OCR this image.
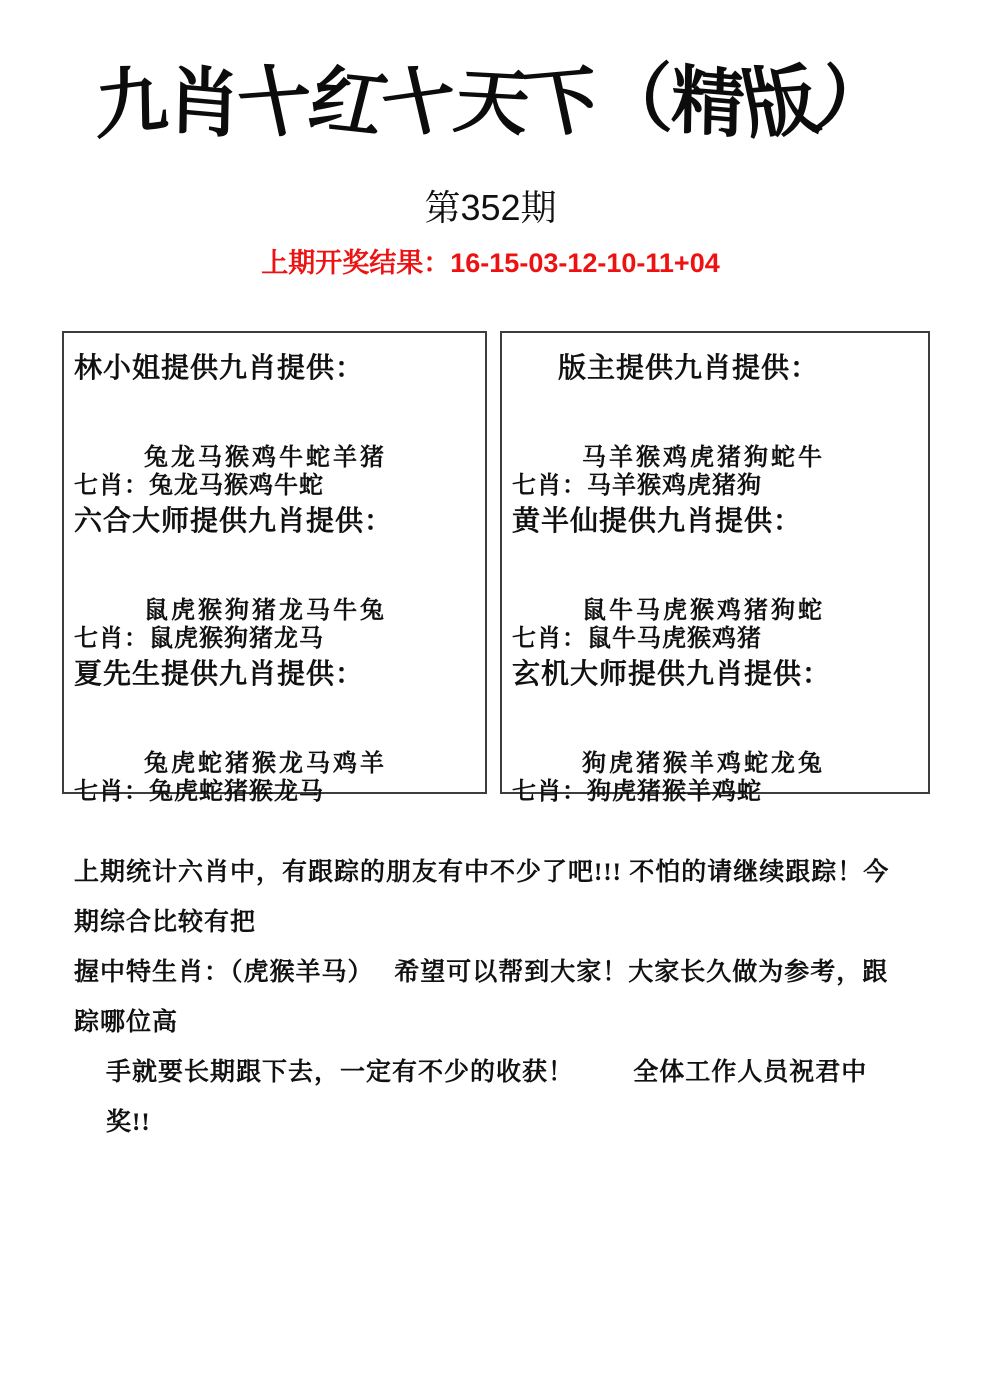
九肖十红十天下（精版）
第352期
上期开奖结果：16-15-03-12-10-11+04
林小姐提供九肖提供：
兔龙马猴鸡牛蛇羊猪
七肖：兔龙马猴鸡牛蛇
六合大师提供九肖提供：
鼠虎猴狗猪龙马牛兔
七肖：鼠虎猴狗猪龙马
夏先生提供九肖提供：
兔虎蛇猪猴龙马鸡羊
七肖：兔虎蛇猪猴龙马
版主提供九肖提供：
马羊猴鸡虎猪狗蛇牛
七肖：马羊猴鸡虎猪狗
黄半仙提供九肖提供：
鼠牛马虎猴鸡猪狗蛇
七肖：鼠牛马虎猴鸡猪
玄机大师提供九肖提供：
狗虎猪猴羊鸡蛇龙兔
七肖：狗虎猪猴羊鸡蛇
上期统计六肖中，有跟踪的朋友有中不少了吧!!! 不怕的请继续跟踪！今期综合比较有把
握中特生肖：（虎猴羊马）　 希望可以帮到大家！大家长久做为参考，跟踪哪位高
手就要长期跟下去，一定有不少的收获！　　 全体工作人员祝君中奖!!
